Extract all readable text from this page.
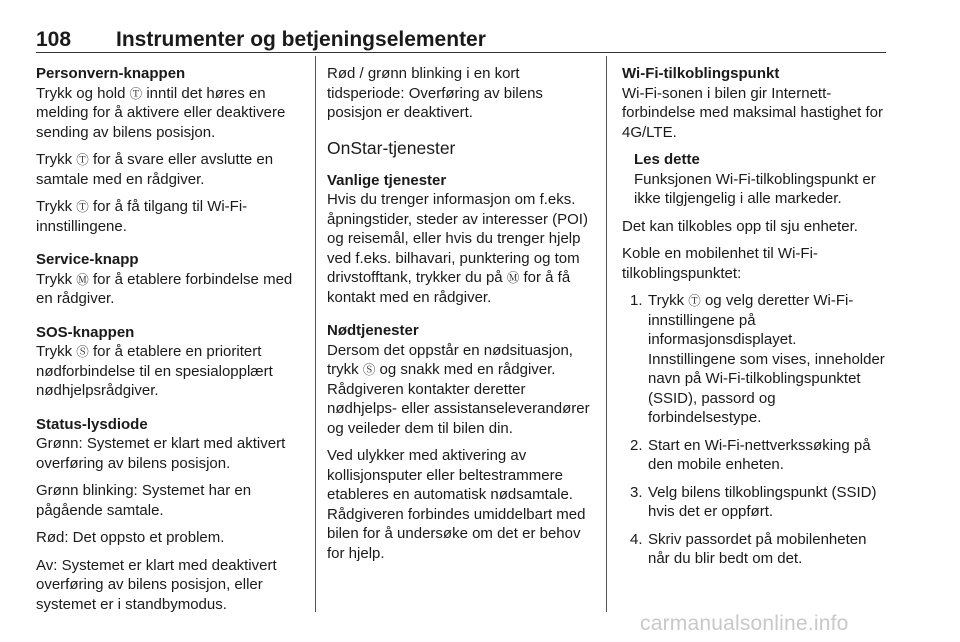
108 Instrumenter og betjeningselementer
Personvern-knappen

Trykk og hold Ⓣ inntil det høres en melding for å aktivere eller deaktivere sending av bilens posisjon.

Trykk Ⓣ for å svare eller avslutte en samtale med en rådgiver.

Trykk Ⓣ for å få tilgang til Wi-Fi-innstillingene.

Service-knapp

Trykk Ⓜ for å etablere forbindelse med en rådgiver.

SOS-knappen

Trykk Ⓢ for å etablere en prioritert nødforbindelse til en spesialopplært nødhjelpsrådgiver.

Status-lysdiode

Grønn: Systemet er klart med aktivert overføring av bilens posisjon.

Grønn blinking: Systemet har en pågående samtale.

Rød: Det oppsto et problem.

Av: Systemet er klart med deaktivert overføring av bilens posisjon, eller systemet er i standbymodus.

Rød / grønn blinking i en kort tidsperiode: Overføring av bilens posisjon er deaktivert.

OnStar-tjenester
Vanlige tjenester

Hvis du trenger informasjon om f.eks. åpningstider, steder av interesser (POI) og reisemål, eller hvis du trenger hjelp ved f.eks. bilhavari, punktering og tom drivstofftank, trykker du på Ⓜ for å få kontakt med en rådgiver.

Nødtjenester

Dersom det oppstår en nødsituasjon, trykk Ⓢ og snakk med en rådgiver. Rådgiveren kontakter deretter nødhjelps- eller assistanseleverandører og veileder dem til bilen din.

Ved ulykker med aktivering av kollisjonsputer eller beltestrammere etableres en automatisk nødsamtale. Rådgiveren forbindes umiddelbart med bilen for å undersøke om det er behov for hjelp.

Wi-Fi-tilkoblingspunkt

Wi-Fi-sonen i bilen gir Internett-forbindelse med maksimal hastighet for 4G/LTE.

Les dette
Funksjonen Wi-Fi-tilkoblingspunkt er ikke tilgjengelig i alle markeder.

Det kan tilkobles opp til sju enheter.

Koble en mobilenhet til Wi-Fi-tilkoblingspunktet:

1. Trykk Ⓣ og velg deretter Wi-Fi-innstillingene på informasjonsdisplayet. Innstillingene som vises, inneholder navn på Wi-Fi-tilkoblingspunktet (SSID), passord og forbindelsestype.
2. Start en Wi-Fi-nettverkssøking på den mobile enheten.
3. Velg bilens tilkoblingspunkt (SSID) hvis det er oppført.
4. Skriv passordet på mobilenheten når du blir bedt om det.
carmanualsonline.info
